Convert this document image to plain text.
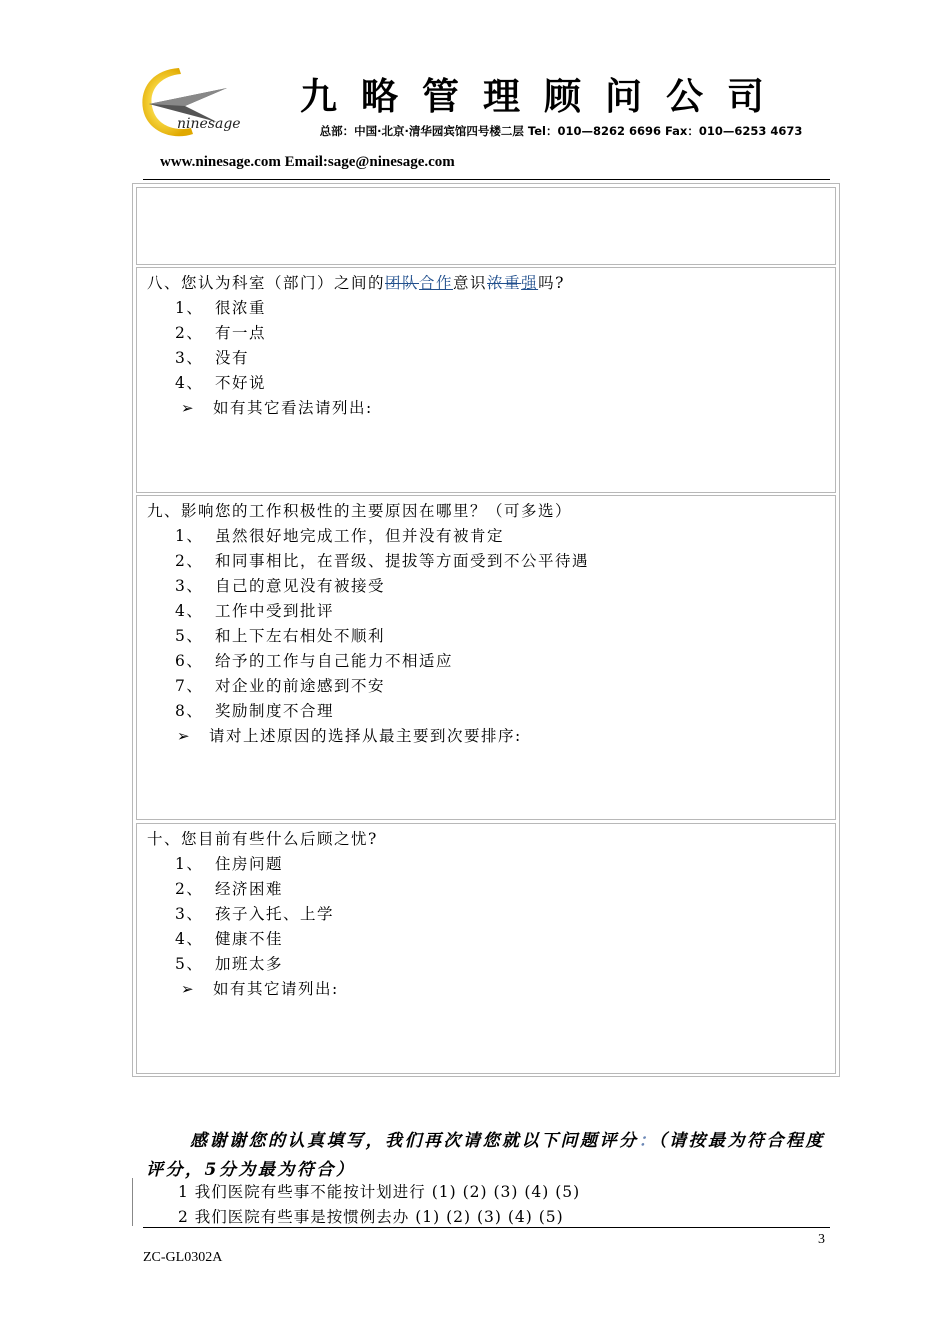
ninesage
九略管理顾问公司
总部：中国·北京·清华园宾馆四号楼二层 Tel：010—8262 6696 Fax：010—6253 4673
www.ninesage.com Email:sage@ninesage.com
八、您认为科室（部门）之间的团队合作意识浓重强吗?
1、 很浓重
2、 有一点
3、 没有
4、 不好说
➢ 如有其它看法请列出:
九、影响您的工作积极性的主要原因在哪里？（可多选）
1、 虽然很好地完成工作，但并没有被肯定
2、 和同事相比，在晋级、提拔等方面受到不公平待遇
3、 自己的意见没有被接受
4、 工作中受到批评
5、 和上下左右相处不顺利
6、 给予的工作与自己能力不相适应
7、 对企业的前途感到不安
8、 奖励制度不合理
➢ 请对上述原因的选择从最主要到次要排序:
十、您目前有些什么后顾之忧?
1、 住房问题
2、 经济困难
3、 孩子入托、上学
4、 健康不佳
5、 加班太多
➢ 如有其它请列出:
感谢谢您的认真填写，我们再次请您就以下问题评分：（请按最为符合程度评分，5分为最为符合）
1 我们医院有些事不能按计划进行 (1) (2) (3) (4) (5)
2 我们医院有些事是按惯例去办 (1) (2) (3) (4) (5)
3
ZC-GL0302A
